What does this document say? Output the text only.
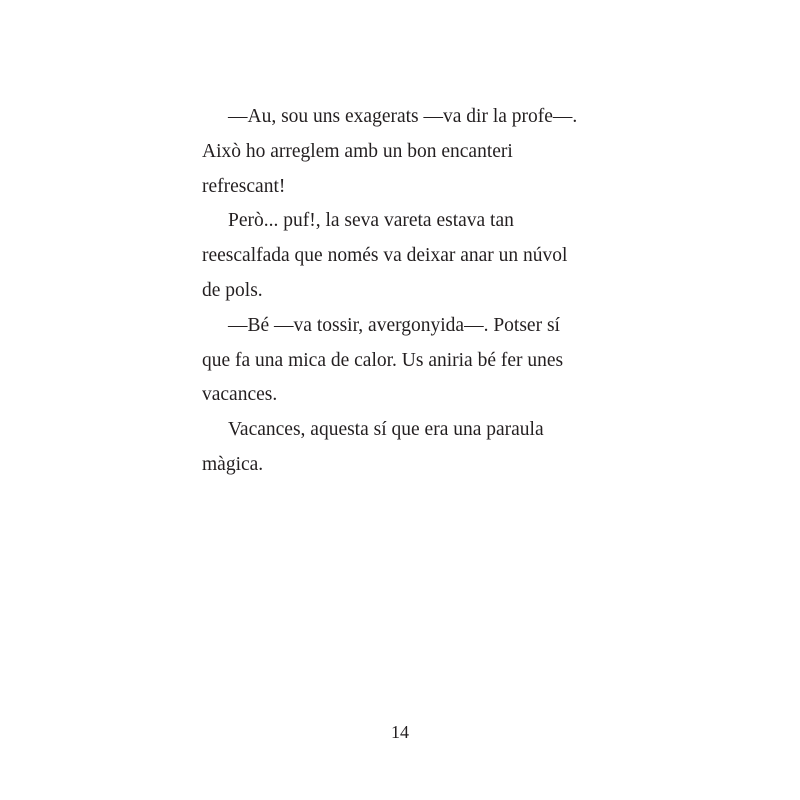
—Au, sou uns exagerats —va dir la profe—.
Això ho arreglem amb un bon encanteri
refrescant!
Però... puf!, la seva vareta estava tan
reescalfada que només va deixar anar un núvol
de pols.
—Bé —va tossir, avergonyida—. Potser sí
que fa una mica de calor. Us aniria bé fer unes
vacances.
Vacances, aquesta sí que era una paraula
màgica.
14
